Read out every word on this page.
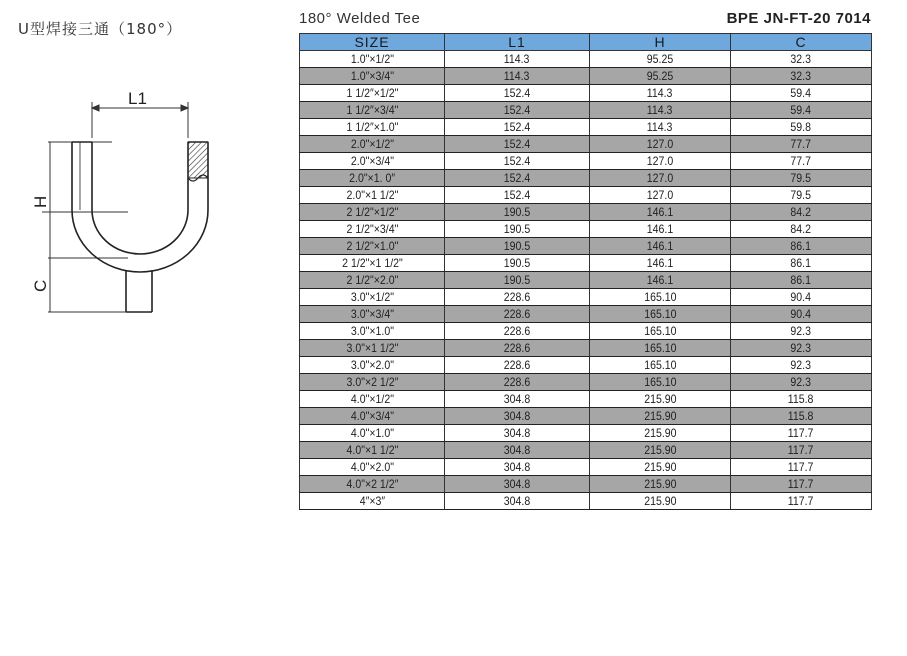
U型焊接三通（180°）
180° Welded Tee	BPE JN-FT-20 7014
L1
H
C
SIZE	L1	H	C
1.0"×1/2"	114.3	95.25	32.3
1.0″×3/4"	114.3	95.25	32.3
1 1/2″×1/2"	152.4	114.3	59.4
1 1/2″×3/4"	152.4	114.3	59.4
1 1/2″×1.0"	152.4	114.3	59.8
2.0"×1/2"	152.4	127.0	77.7
2.0"×3/4"	152.4	127.0	77.7
2.0"×1. 0″	152.4	127.0	79.5
2.0"×1 1/2"	152.4	127.0	79.5
2 1/2"×1/2"	190.5	146.1	84.2
2 1/2"×3/4"	190.5	146.1	84.2
2 1/2"×1.0"	190.5	146.1	86.1
2 1/2"×1 1/2"	190.5	146.1	86.1
2 1/2"×2.0"	190.5	146.1	86.1
3.0"×1/2"	228.6	165.10	90.4
3.0"×3/4"	228.6	165.10	90.4
3.0"×1.0"	228.6	165.10	92.3
3.0"×1 1/2"	228.6	165.10	92.3
3.0"×2.0"	228.6	165.10	92.3
3.0"×2 1/2″	228.6	165.10	92.3
4.0"×1/2"	304.8	215.90	115.8
4.0"×3/4"	304.8	215.90	115.8
4.0"×1.0"	304.8	215.90	117.7
4.0"×1 1/2"	304.8	215.90	117.7
4.0"×2.0"	304.8	215.90	117.7
4.0"×2 1/2″	304.8	215.90	117.7
4″×3″	304.8	215.90	117.7
